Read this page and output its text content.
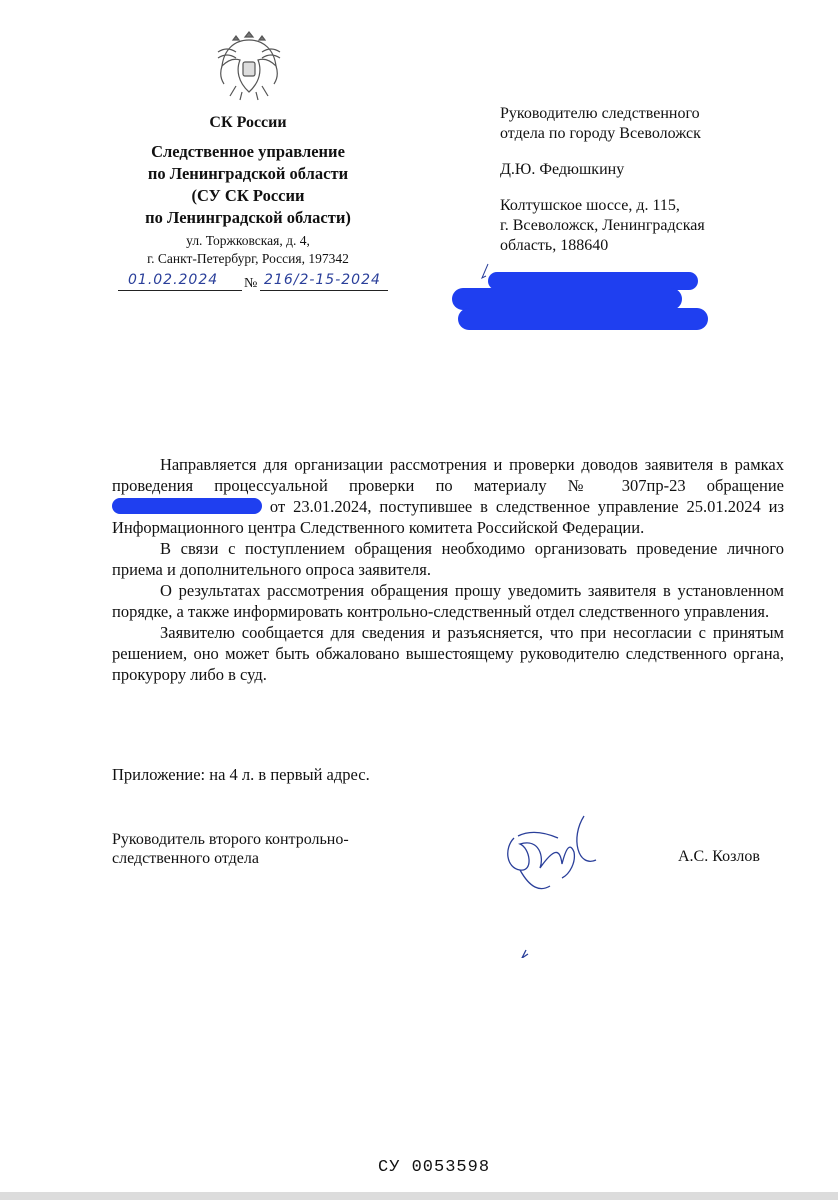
СК России
Следственное управление
по Ленинградской области
(СУ СК России
по Ленинградской области)
ул. Торжковская, д. 4,
г. Санкт-Петербург, Россия, 197342
01.02.2024 № 216/2-15-2024

Руководителю следственного
отдела по городу Всеволожск

Д.Ю. Федюшкину

Колтушское шоссе, д. 115,
г. Всеволожск, Ленинградская
область, 188640

Направляется для организации рассмотрения и проверки доводов заявителя в рамках проведения процессуальной проверки по материалу № 307пр-23 обращение  от 23.01.2024, поступившее в следственное управление 25.01.2024 из Информационного центра Следственного комитета Российской Федерации.

В связи с поступлением обращения необходимо организовать проведение личного приема и дополнительного опроса заявителя.

О результатах рассмотрения обращения прошу уведомить заявителя в установленном порядке, а также информировать контрольно-следственный отдел следственного управления.

Заявителю сообщается для сведения и разъясняется, что при несогласии с принятым решением, оно может быть обжаловано вышестоящему руководителю следственного органа, прокурору либо в суд.

Приложение: на 4 л. в первый адрес.
Руководитель второго контрольно-
следственного отдела	А.С. Козлов
СУ 0053598
